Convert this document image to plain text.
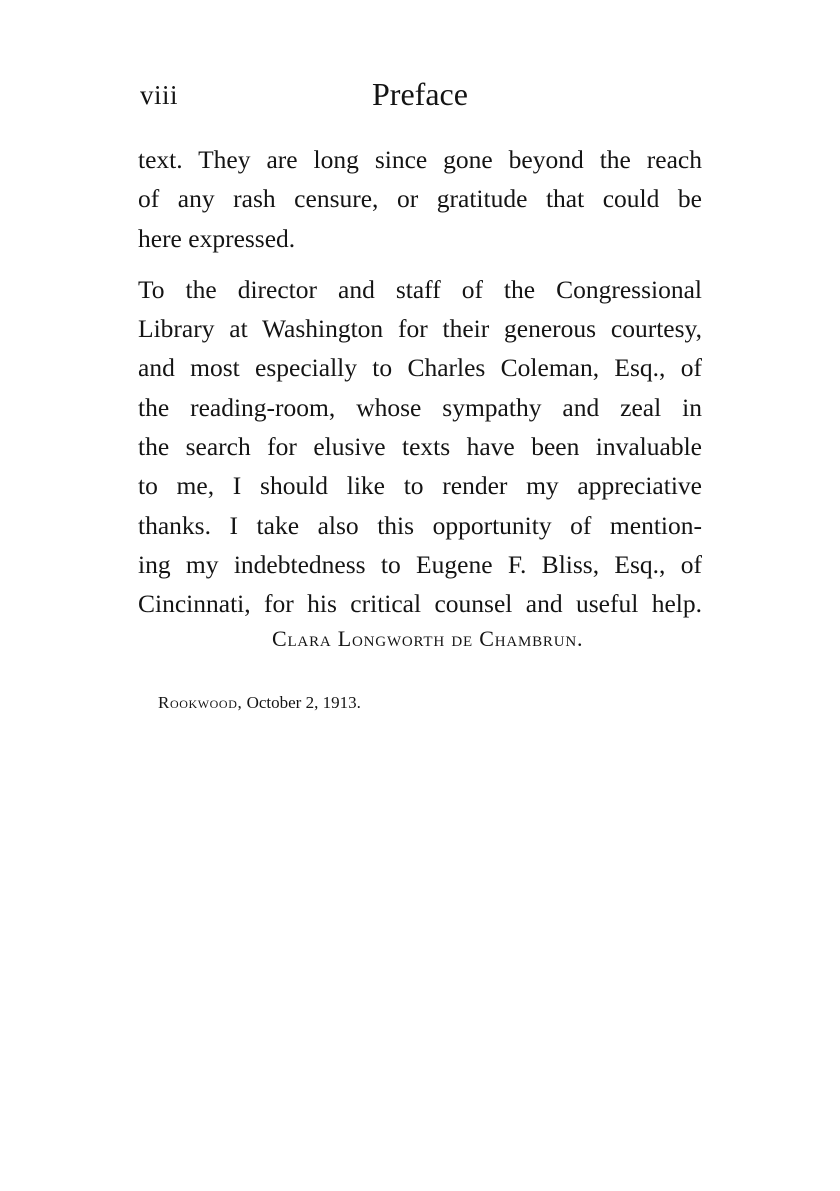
viii	Preface
text. They are long since gone beyond the reach
of any rash censure, or gratitude that could be
here expressed.
To the director and staff of the Congressional
Library at Washington for their generous courtesy,
and most especially to Charles Coleman, Esq., of
the reading-room, whose sympathy and zeal in
the search for elusive texts have been invaluable
to me, I should like to render my appreciative
thanks. I take also this opportunity of mention-
ing my indebtedness to Eugene F. Bliss, Esq., of
Cincinnati, for his critical counsel and useful help.
Clara Longworth de Chambrun.
Rookwood, October 2, 1913.
